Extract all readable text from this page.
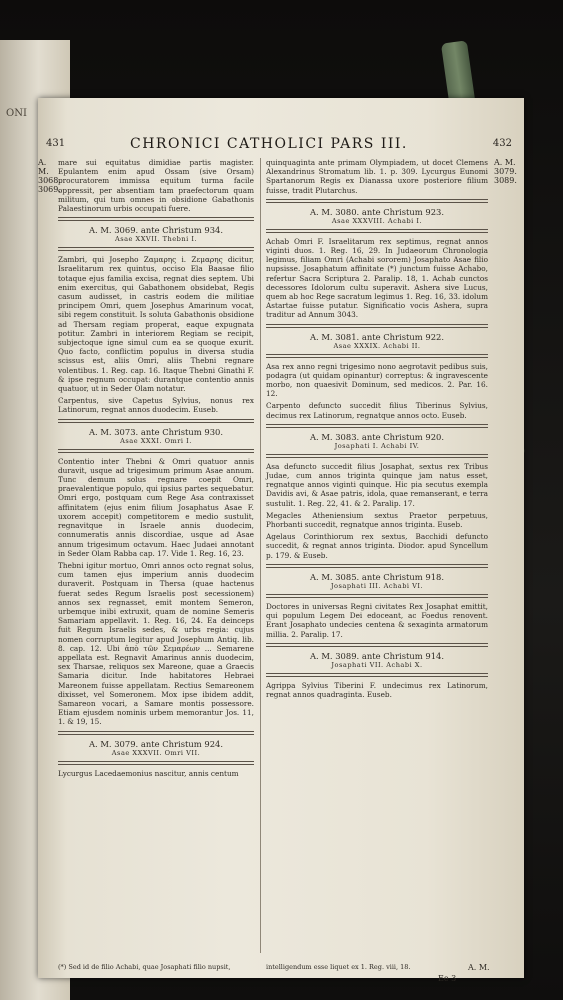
ONI
431	CHRONICI CATHOLICI PARS III.	432
A. M. 3068. 3069.
A. M. 3079. 3089.

mare sui equitatus dimidiae partis magister. Epulantem enim apud Ossam (sive Orsam) procuratorem immissa equitum turma facile oppressit, per absentiam tam praefectorum quam militum, qui tum omnes in obsidione Gabathonis Palaestinorum urbis occupati fuere.

A. M. 3069. ante Christum 934.
Asae XXVII. Thebni I.

Zambri, qui Josepho Ζαμαρης i. Ζεμαρης dicitur, Israelitarum rex quintus, occiso Ela Baasae filio totaque ejus familia excisa, regnat dies septem. Ubi enim exercitus, qui Gabathonem obsidebat, Regis casum audisset, in castris eodem die militiae principem Omri, quem Josephus Amarinum vocat, sibi regem constituit. Is soluta Gabathonis obsidione ad Thersam regiam properat, eaque expugnata potitur. Zambri in interiorem Regiam se recipit, subjectoque igne simul cum ea se quoque exurit. Quo facto, conflictim populus in diversa studia scissus est, aliis Omri, aliis Thebni regnare volentibus. 1. Reg. cap. 16. Itaque Thebni Ginathi F. & ipse regnum occupat: durantque contentio annis quatuor, ut in Seder Olam notatur.

Carpentus, sive Capetus Sylvius, nonus rex Latinorum, regnat annos duodecim. Euseb.

A. M. 3073. ante Christum 930.
Asae XXXI. Omri I.

Contentio inter Thebni & Omri quatuor annis duravit, usque ad trigesimum primum Asae annum. Tunc demum solus regnare coepit Omri, praevalentique populo, qui ipsius partes sequebatur. Omri ergo, postquam cum Rege Asa contraxisset affinitatem (ejus enim filium Josaphatus Asae F. uxorem accepit) competitorem e medio sustulit, regnavitque in Israele annis duodecim, connumeratis annis discordiae, usque ad Asae annum trigesimum octavum. Haec Judaei annotant in Seder Olam Rabba cap. 17. Vide 1. Reg. 16, 23.

Thebni igitur mortuo, Omri annos octo regnat solus, cum tamen ejus imperium annis duodecim duraverit. Postquam in Thersa (quae hactenus fuerat sedes Regum Israelis post secessionem) annos sex regnasset, emit montem Semeron, urbemque inibi extruxit, quam de nomine Semeris Samariam appellavit. 1. Reg. 16, 24. Ea deinceps fuit Regum Israelis sedes, & urbs regia: cujus nomen corruptum legitur apud Josephum Antiq. lib. 8. cap. 12. Ubi ἀπὸ τῶν Σεμαρέων ... Semarene appellata est. Regnavit Amarinus annis duodecim, sex Tharsae, reliquos sex Mareone, quae a Graecis Samaria dicitur. Inde habitatores Hebraei Mareonem fuisse appellatam. Rectius Semareonem dixisset, vel Someronem. Mox ipse ibidem addit, Samareon vocari, a Samare montis possessore. Etiam ejusdem nominis urbem memorantur Jos. 11, 1. & 19, 15.

A. M. 3079. ante Christum 924.
Asae XXXVII. Omri VII.

Lycurgus Lacedaemonius nascitur, annis centum

quinquaginta ante primam Olympiadem, ut docet Clemens Alexandrinus Stromatum lib. 1. p. 309. Lycurgus Eunomi Spartanorum Regis ex Dianassa uxore posteriore filium fuisse, tradit Plutarchus.

A. M. 3080. ante Christum 923.
Asae XXXVIII. Achabi I.

Achab Omri F. Israelitarum rex septimus, regnat annos viginti duos. 1. Reg. 16, 29. In Judaeorum Chronologia legimus, filiam Omri (Achabi sororem) Josaphato Asae filio nupsisse. Josaphatum affinitate (*) junctum fuisse Achabo, refertur Sacra Scriptura 2. Paralip. 18, 1. Achab cunctos decessores Idolorum cultu superavit. Ashera sive Lucus, quem ab hoc Rege sacratum legimus 1. Reg. 16, 33. idolum Astartae fuisse putatur. Significatio vocis Ashera, supra traditur ad Annum 3043.

A. M. 3081. ante Christum 922.
Asae XXXIX. Achabi II.

Asa rex anno regni trigesimo nono aegrotavit pedibus suis, podagra (ut quidam opinantur) correptus: & ingravescente morbo, non quaesivit Dominum, sed medicos. 2. Par. 16. 12.

Carpento defuncto succedit filius Tiberinus Sylvius, decimus rex Latinorum, regnatque annos octo. Euseb.

A. M. 3083. ante Christum 920.
Josaphati I. Achabi IV.

Asa defuncto succedit filius Josaphat, sextus rex Tribus Judae, cum annos triginta quinque jam natus esset, regnatque annos viginti quinque. Hic pia secutus exempla Davidis avi, & Asae patris, idola, quae remanserant, e terra sustulit. 1. Reg. 22, 41. & 2. Paralip. 17.

Megacles Atheniensium sextus Praetor perpetuus, Phorbanti succedit, regnatque annos triginta. Euseb.

Agelaus Corinthiorum rex sextus, Bacchidi defuncto succedit, & regnat annos triginta. Diodor. apud Syncellum p. 179. & Euseb.

A. M. 3085. ante Christum 918.
Josaphati III. Achabi VI.

Doctores in universas Regni civitates Rex Josaphat emittit, qui populum Legem Dei edoceant, ac Foedus renovent. Erant Josaphato undecies centena & sexaginta armatorum millia. 2. Paralip. 17.

A. M. 3089. ante Christum 914.
Josaphati VII. Achabi X.

Agrippa Sylvius Tiberini F. undecimus rex Latinorum, regnat annos quadraginta. Euseb.

(*) Sed id de filio Achabi, quae Josaphati filio nupsit,	intelligendum esse liquet ex 1. Reg. viii, 18.	A. M.
Ee 3
